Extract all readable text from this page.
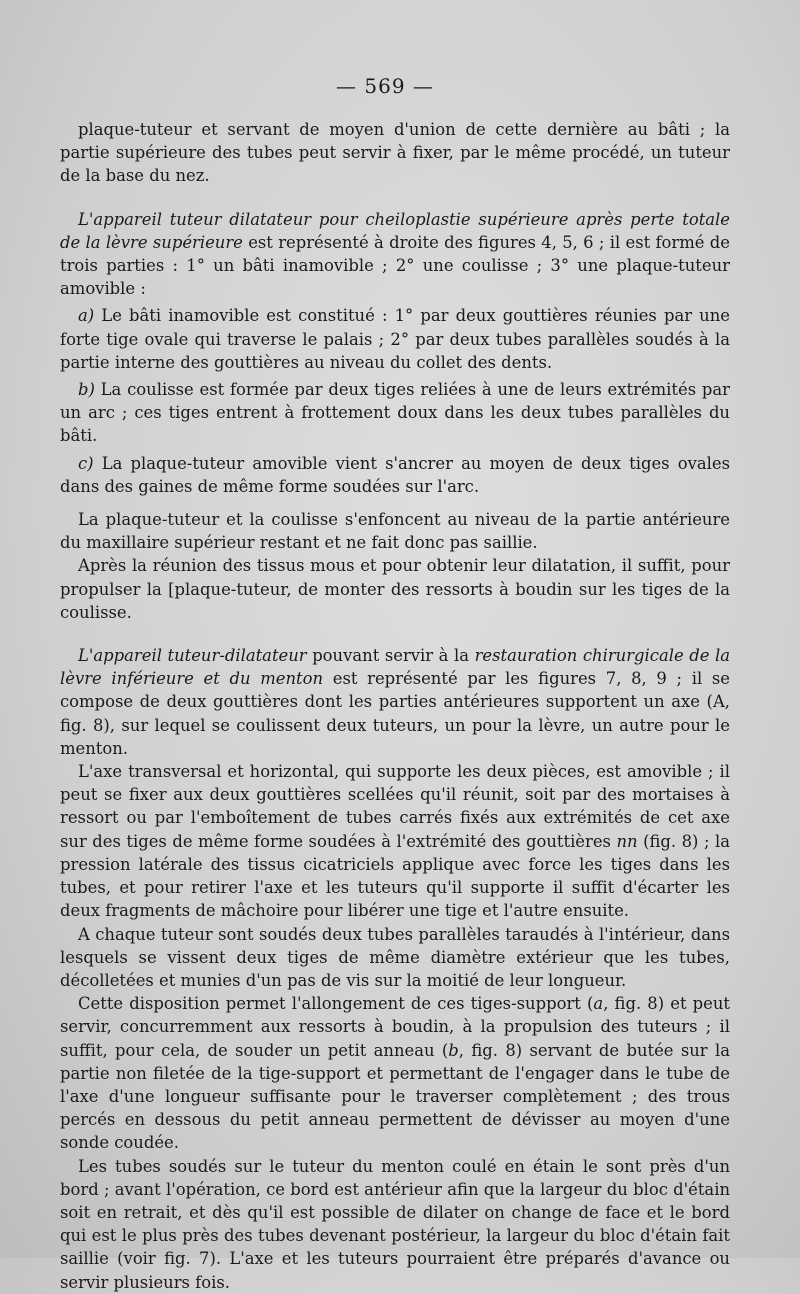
— 569 —

plaque-tuteur et servant de moyen d'union de cette dernière au bâti ; la partie supérieure des tubes peut servir à fixer, par le même procédé, un tuteur de la base du nez.

L'appareil tuteur dilatateur pour cheiloplastie supérieure après perte totale de la lèvre supérieure est représenté à droite des figures 4, 5, 6 ; il est formé de trois parties : 1° un bâti inamovible ; 2° une coulisse ; 3° une plaque-tuteur amovible :

a) Le bâti inamovible est constitué : 1° par deux gouttières réunies par une forte tige ovale qui traverse le palais ; 2° par deux tubes parallèles soudés à la partie interne des gouttières au niveau du collet des dents.

b) La coulisse est formée par deux tiges reliées à une de leurs extrémités par un arc ; ces tiges entrent à frottement doux dans les deux tubes parallèles du bâti.

c) La plaque-tuteur amovible vient s'ancrer au moyen de deux tiges ovales dans des gaines de même forme soudées sur l'arc.

La plaque-tuteur et la coulisse s'enfoncent au niveau de la partie antérieure du maxillaire supérieur restant et ne fait donc pas saillie.

Après la réunion des tissus mous et pour obtenir leur dilatation, il suffit, pour propulser la [plaque-tuteur, de monter des ressorts à boudin sur les tiges de la coulisse.

L'appareil tuteur-dilatateur pouvant servir à la restauration chirurgicale de la lèvre inférieure et du menton est représenté par les figures 7, 8, 9 ; il se compose de deux gouttières dont les parties antérieures supportent un axe (A, fig. 8), sur lequel se coulissent deux tuteurs, un pour la lèvre, un autre pour le menton.

L'axe transversal et horizontal, qui supporte les deux pièces, est amovible ; il peut se fixer aux deux gouttières scellées qu'il réunit, soit par des mortaises à ressort ou par l'emboîtement de tubes carrés fixés aux extrémités de cet axe sur des tiges de même forme soudées à l'extrémité des gouttières nn (fig. 8) ; la pression latérale des tissus cicatriciels applique avec force les tiges dans les tubes, et pour retirer l'axe et les tuteurs qu'il supporte il suffit d'écarter les deux fragments de mâchoire pour libérer une tige et l'autre ensuite.

A chaque tuteur sont soudés deux tubes parallèles taraudés à l'intérieur, dans lesquels se vissent deux tiges de même diamètre extérieur que les tubes, décolletées et munies d'un pas de vis sur la moitié de leur longueur.

Cette disposition permet l'allongement de ces tiges-support (a, fig. 8) et peut servir, concurremment aux ressorts à boudin, à la propulsion des tuteurs ; il suffit, pour cela, de souder un petit anneau (b, fig. 8) servant de butée sur la partie non filetée de la tige-support et permettant de l'engager dans le tube de l'axe d'une longueur suffisante pour le traverser complètement ; des trous percés en dessous du petit anneau permettent de dévisser au moyen d'une sonde coudée.

Les tubes soudés sur le tuteur du menton coulé en étain le sont près d'un bord ; avant l'opération, ce bord est antérieur afin que la largeur du bloc d'étain soit en retrait, et dès qu'il est possible de dilater on change de face et le bord qui est le plus près des tubes devenant postérieur, la largeur du bloc d'étain fait saillie (voir fig. 7). L'axe et les tuteurs pourraient être préparés d'avance ou servir plusieurs fois.
